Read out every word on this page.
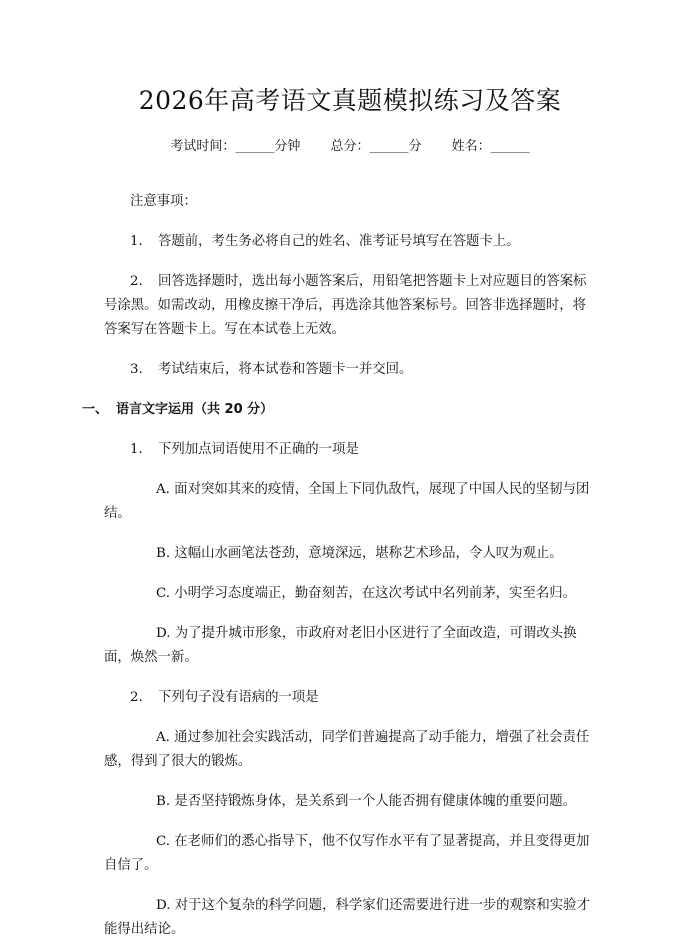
2026年高考语文真题模拟练习及答案
考试时间：______分钟 总分：______分 姓名：______

注意事项：

1. 答题前，考生务必将自己的姓名、准考证号填写在答题卡上。

2. 回答选择题时，选出每小题答案后，用铅笔把答题卡上对应题目的答案标号涂黑。如需改动，用橡皮擦干净后，再选涂其他答案标号。回答非选择题时，将答案写在答题卡上。写在本试卷上无效。

3. 考试结束后，将本试卷和答题卡一并交回。

一、 语言文字运用（共 20 分）

1. 下列加点词语使用不正确的一项是

A. 面对突如其来的疫情，全国上下同仇敌忾，展现了中国人民的坚韧与团结。

B. 这幅山水画笔法苍劲，意境深远，堪称艺术珍品，令人叹为观止。

C. 小明学习态度端正，勤奋刻苦，在这次考试中名列前茅，实至名归。

D. 为了提升城市形象，市政府对老旧小区进行了全面改造，可谓改头换面，焕然一新。

2. 下列句子没有语病的一项是

A. 通过参加社会实践活动，同学们普遍提高了动手能力，增强了社会责任感，得到了很大的锻炼。

B. 是否坚持锻炼身体，是关系到一个人能否拥有健康体魄的重要问题。

C. 在老师们的悉心指导下，他不仅写作水平有了显著提高，并且变得更加自信了。

D. 对于这个复杂的科学问题，科学家们还需要进行进一步的观察和实验才能得出结论。
